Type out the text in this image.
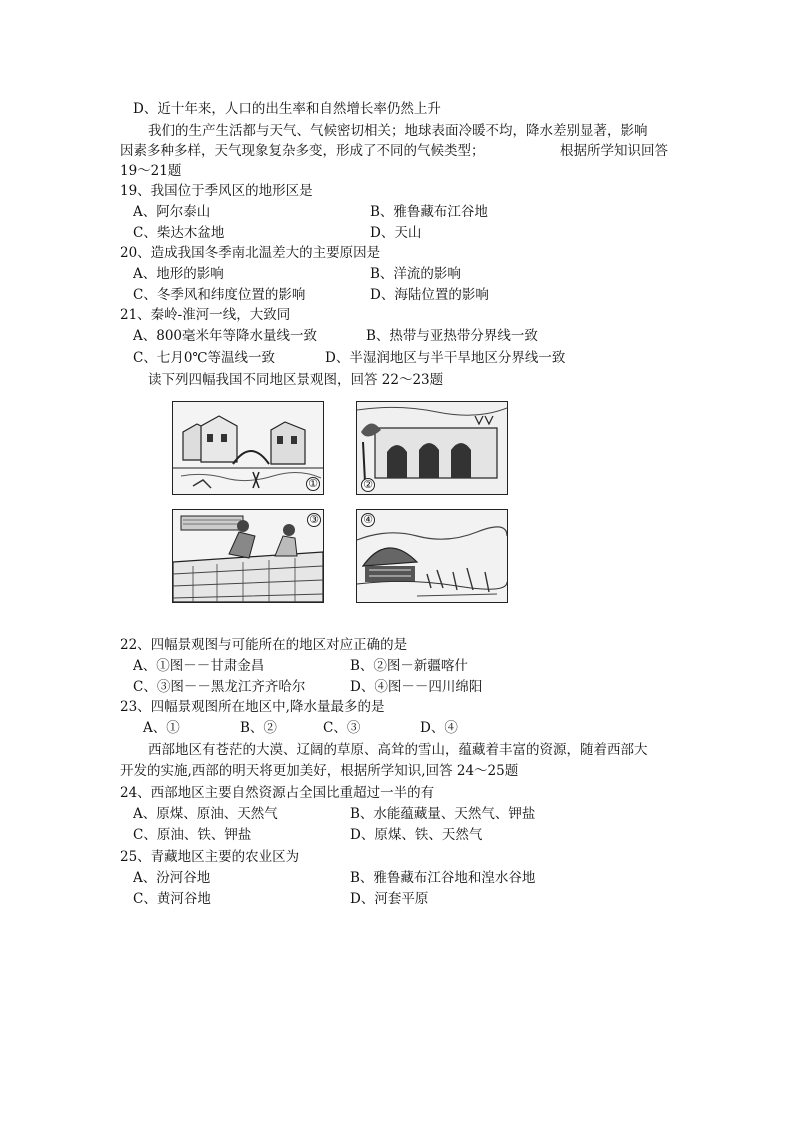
D、近十年来，人口的出生率和自然增长率仍然上升
我们的生产生活都与天气、气候密切相关；地球表面冷暖不均，降水差别显著，影响
因素多种多样，天气现象复杂多变，形成了不同的气候类型；	根据所学知识回答
19～21题
19、我国位于季风区的地形区是
A、阿尔泰山	B、雅鲁藏布江谷地
C、柴达木盆地	D、天山
20、造成我国冬季南北温差大的主要原因是
A、地形的影响	B、洋流的影响
C、冬季风和纬度位置的影响	D、海陆位置的影响
21、秦岭-淮河一线，大致同
A、800毫米年等降水量线一致	B、热带与亚热带分界线一致
C、七月0℃等温线一致	D、半湿润地区与半干旱地区分界线一致
读下列四幅我国不同地区景观图，回答 22～23题
①	②
③	④
22、四幅景观图与可能所在的地区对应正确的是
A、①图－－甘肃金昌	B、②图－新疆喀什
C、③图－－黑龙江齐齐哈尔	D、④图－－四川绵阳
23、四幅景观图所在地区中,降水量最多的是
A、①	B、②	C、③	D、④
西部地区有苍茫的大漠、辽阔的草原、高耸的雪山，蕴藏着丰富的资源，随着西部大
开发的实施,西部的明天将更加美好，根据所学知识,回答 24～25题
24、西部地区主要自然资源占全国比重超过一半的有
A、原煤、原油、天然气	B、水能蕴藏量、天然气、钾盐
C、原油、铁、钾盐	D、原煤、铁、天然气
25、青藏地区主要的农业区为
A、汾河谷地	B、雅鲁藏布江谷地和湟水谷地
C、黄河谷地	D、河套平原
